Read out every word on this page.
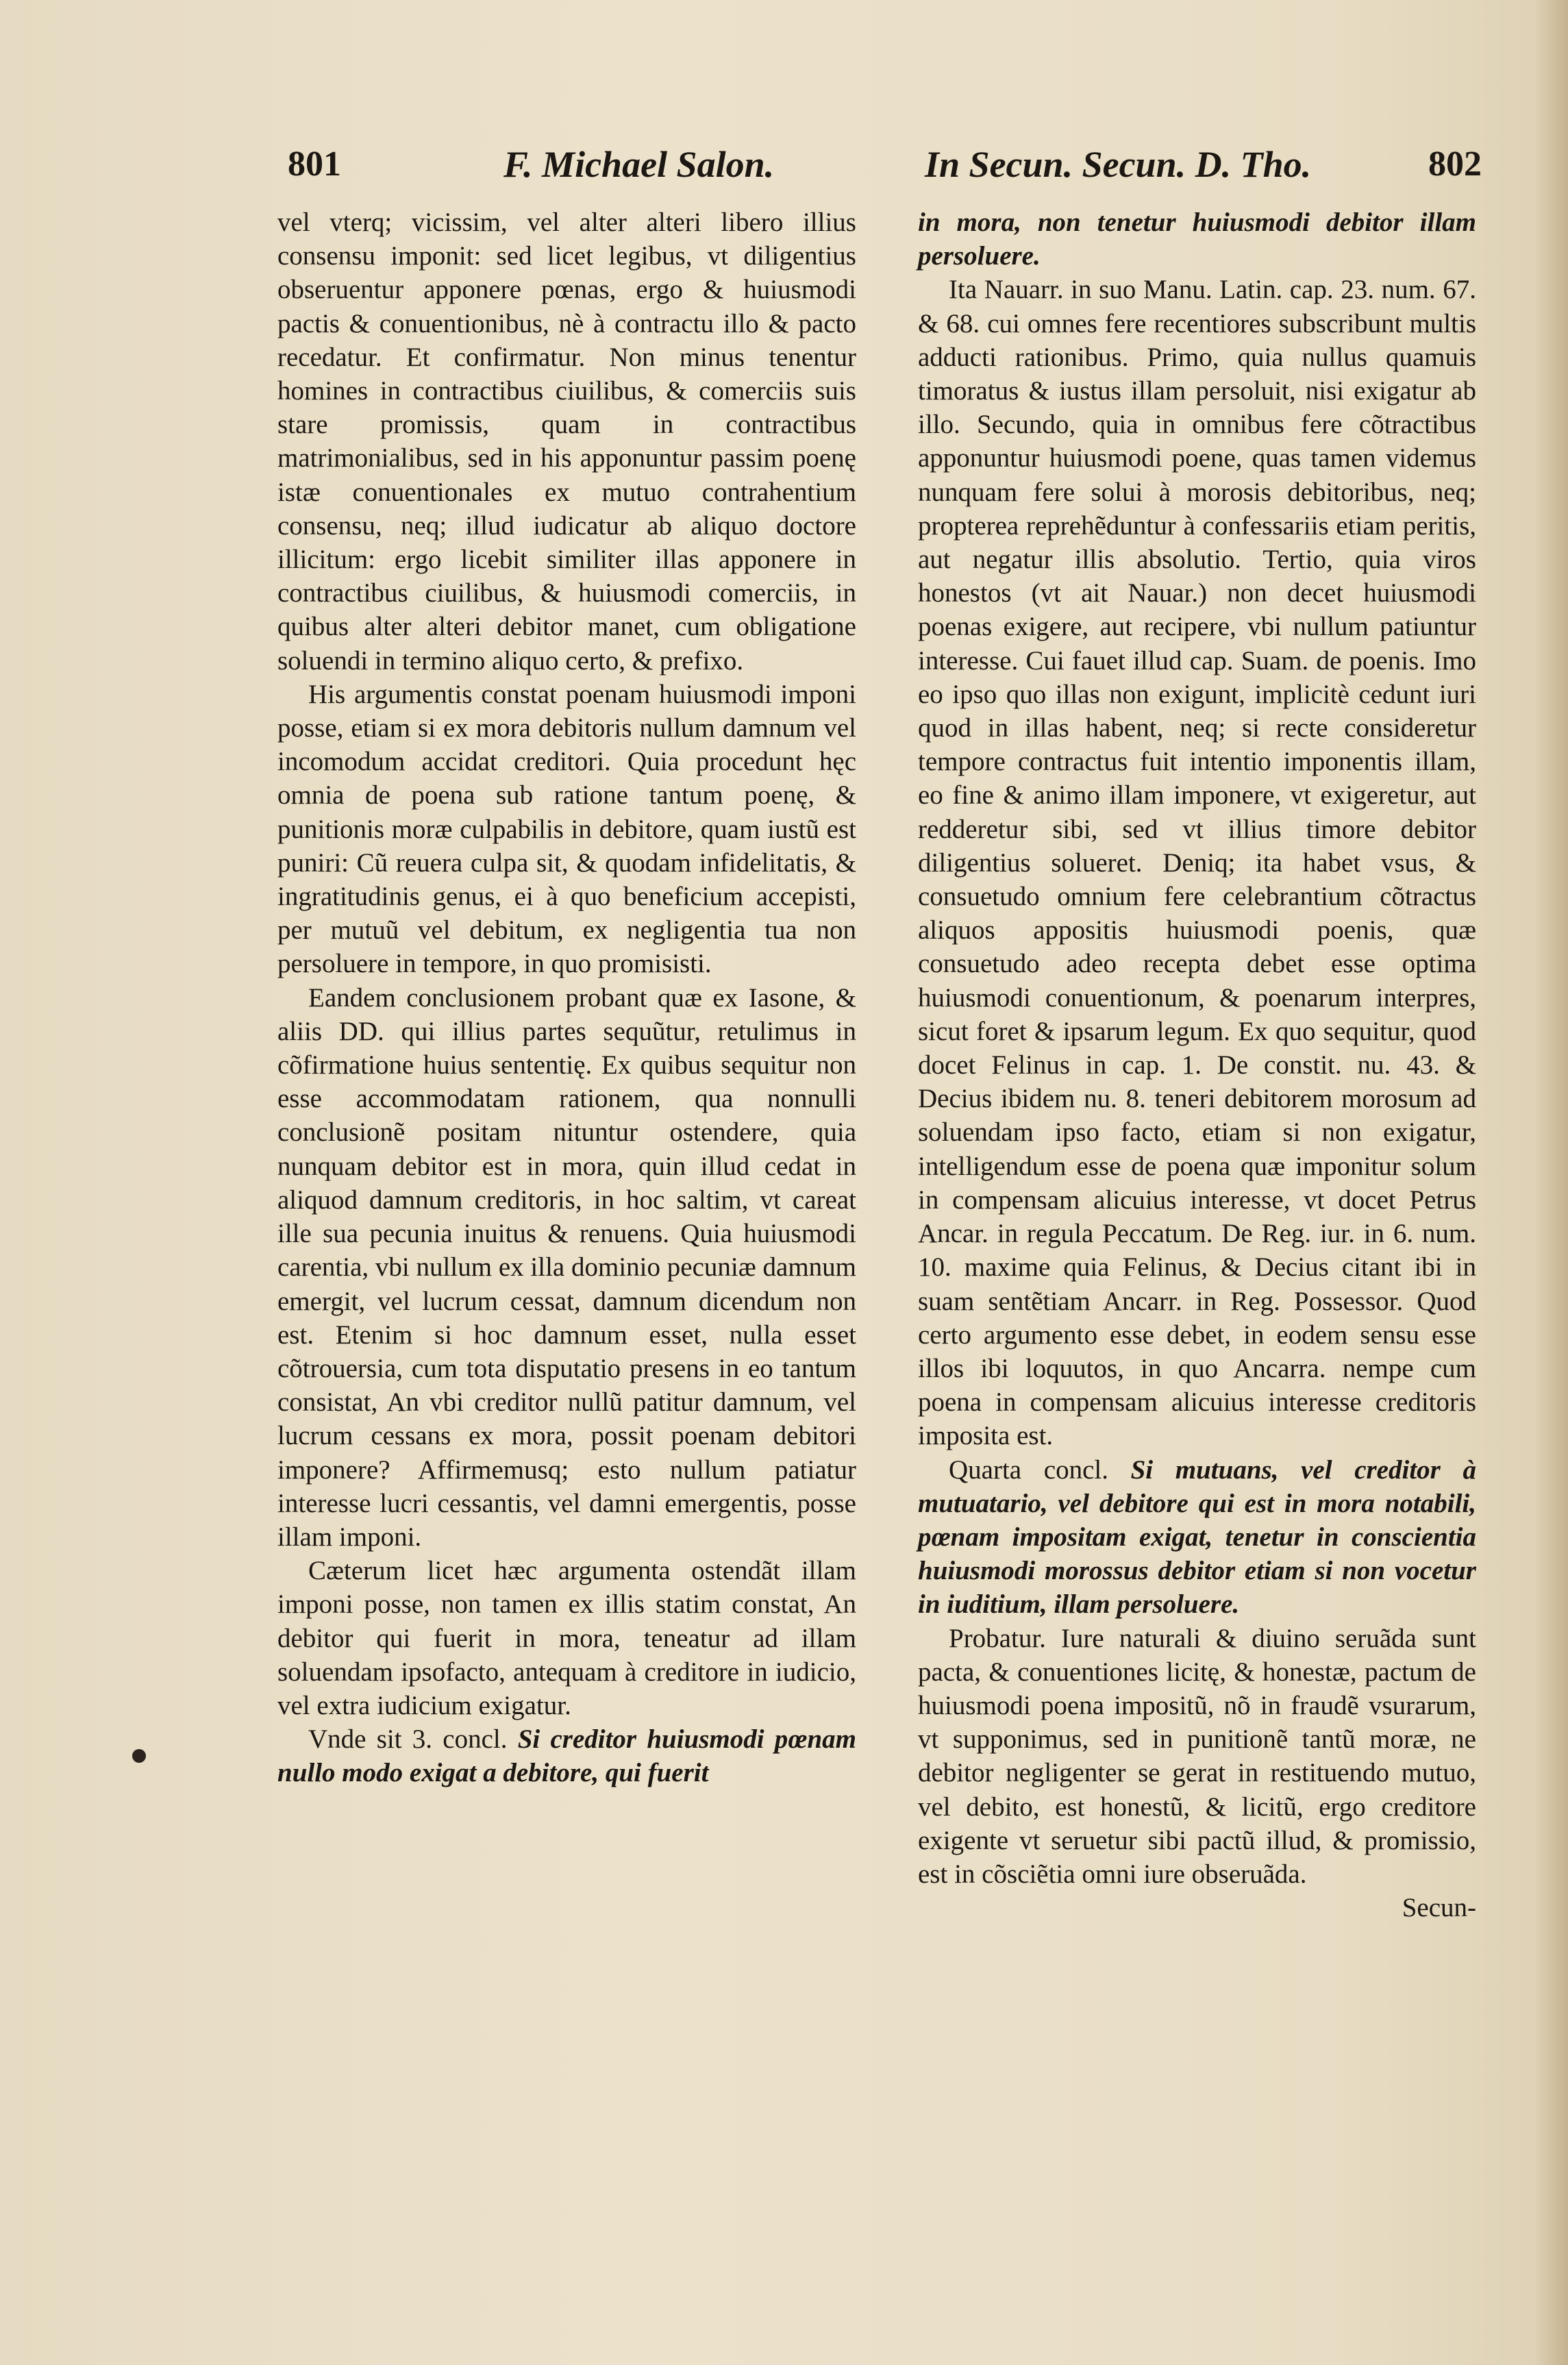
801	F. Michael Salon.	In Secun. Secun. D. Tho.	802

vel vterq; vicissim, vel alter alteri libero illius consensu imponit: sed licet legibus, vt diligentius obseruentur apponere pœnas, ergo & huiusmodi pactis & conuentionibus, nè à contractu illo & pacto recedatur. Et confirmatur. Non minus tenentur homines in contractibus ciuilibus, & comerciis suis stare promissis, quam in contractibus matrimonialibus, sed in his apponuntur passim poenę istæ conuentionales ex mutuo contrahentium consensu, neq; illud iudicatur ab aliquo doctore illicitum: ergo licebit similiter illas apponere in contractibus ciuilibus, & huiusmodi comerciis, in quibus alter alteri debitor manet, cum obligatione soluendi in termino aliquo certo, & prefixo.

His argumentis constat poenam huiusmodi imponi posse, etiam si ex mora debitoris nullum damnum vel incomodum accidat creditori. Quia procedunt hęc omnia de poena sub ratione tantum poenę, & punitionis moræ culpabilis in debitore, quam iustũ est puniri: Cũ reuera culpa sit, & quodam infidelitatis, & ingratitudinis genus, ei à quo beneficium accepisti, per mutuũ vel debitum, ex negligentia tua non persoluere in tempore, in quo promisisti.

Eandem conclusionem probant quæ ex Iasone, & aliis DD. qui illius partes sequũtur, retulimus in cõfirmatione huius sententię. Ex quibus sequitur non esse accommodatam rationem, qua nonnulli conclusionẽ positam nituntur ostendere, quia nunquam debitor est in mora, quin illud cedat in aliquod damnum creditoris, in hoc saltim, vt careat ille sua pecunia inuitus & renuens. Quia huiusmodi carentia, vbi nullum ex illa dominio pecuniæ damnum emergit, vel lucrum cessat, damnum dicendum non est. Etenim si hoc damnum esset, nulla esset cõtrouersia, cum tota disputatio presens in eo tantum consistat, An vbi creditor nullũ patitur damnum, vel lucrum cessans ex mora, possit poenam debitori imponere? Affirmemusq; esto nullum patiatur interesse lucri cessantis, vel damni emergentis, posse illam imponi.

Cæterum licet hæc argumenta ostendãt illam imponi posse, non tamen ex illis statim constat, An debitor qui fuerit in mora, teneatur ad illam soluendam ipsofacto, antequam à creditore in iudicio, vel extra iudicium exigatur.

Vnde sit 3. concl. Si creditor huiusmodi pœnam nullo modo exigat a debitore, qui fuerit

in mora, non tenetur huiusmodi debitor illam persoluere.

Ita Nauarr. in suo Manu. Latin. cap. 23. num. 67. & 68. cui omnes fere recentiores subscribunt multis adducti rationibus. Primo, quia nullus quamuis timoratus & iustus illam persoluit, nisi exigatur ab illo. Secundo, quia in omnibus fere cõtractibus apponuntur huiusmodi poene, quas tamen videmus nunquam fere solui à morosis debitoribus, neq; propterea reprehẽduntur à confessariis etiam peritis, aut negatur illis absolutio. Tertio, quia viros honestos (vt ait Nauar.) non decet huiusmodi poenas exigere, aut recipere, vbi nullum patiuntur interesse. Cui fauet illud cap. Suam. de poenis. Imo eo ipso quo illas non exigunt, implicitè cedunt iuri quod in illas habent, neq; si recte consideretur tempore contractus fuit intentio imponentis illam, eo fine & animo illam imponere, vt exigeretur, aut redderetur sibi, sed vt illius timore debitor diligentius solueret. Deniq; ita habet vsus, & consuetudo omnium fere celebrantium cõtractus aliquos appositis huiusmodi poenis, quæ consuetudo adeo recepta debet esse optima huiusmodi conuentionum, & poenarum interpres, sicut foret & ipsarum legum. Ex quo sequitur, quod docet Felinus in cap. 1. De constit. nu. 43. & Decius ibidem nu. 8. teneri debitorem morosum ad soluendam ipso facto, etiam si non exigatur, intelligendum esse de poena quæ imponitur solum in compensam alicuius interesse, vt docet Petrus Ancar. in regula Peccatum. De Reg. iur. in 6. num. 10. maxime quia Felinus, & Decius citant ibi in suam sentẽtiam Ancarr. in Reg. Possessor. Quod certo argumento esse debet, in eodem sensu esse illos ibi loquutos, in quo Ancarra. nempe cum poena in compensam alicuius interesse creditoris imposita est.

Quarta concl. Si mutuans, vel creditor à mutuatario, vel debitore qui est in mora notabili, pœnam impositam exigat, tenetur in conscientia huiusmodi morossus debitor etiam si non vocetur in iuditium, illam persoluere.

Probatur. Iure naturali & diuino seruãda sunt pacta, & conuentiones licitę, & honestæ, pactum de huiusmodi poena impositũ, nõ in fraudẽ vsurarum, vt supponimus, sed in punitionẽ tantũ moræ, ne debitor negligenter se gerat in restituendo mutuo, vel debito, est honestũ, & licitũ, ergo creditore exigente vt seruetur sibi pactũ illud, & promissio, est in cõsciẽtia omni iure obseruãda.

Secun-
